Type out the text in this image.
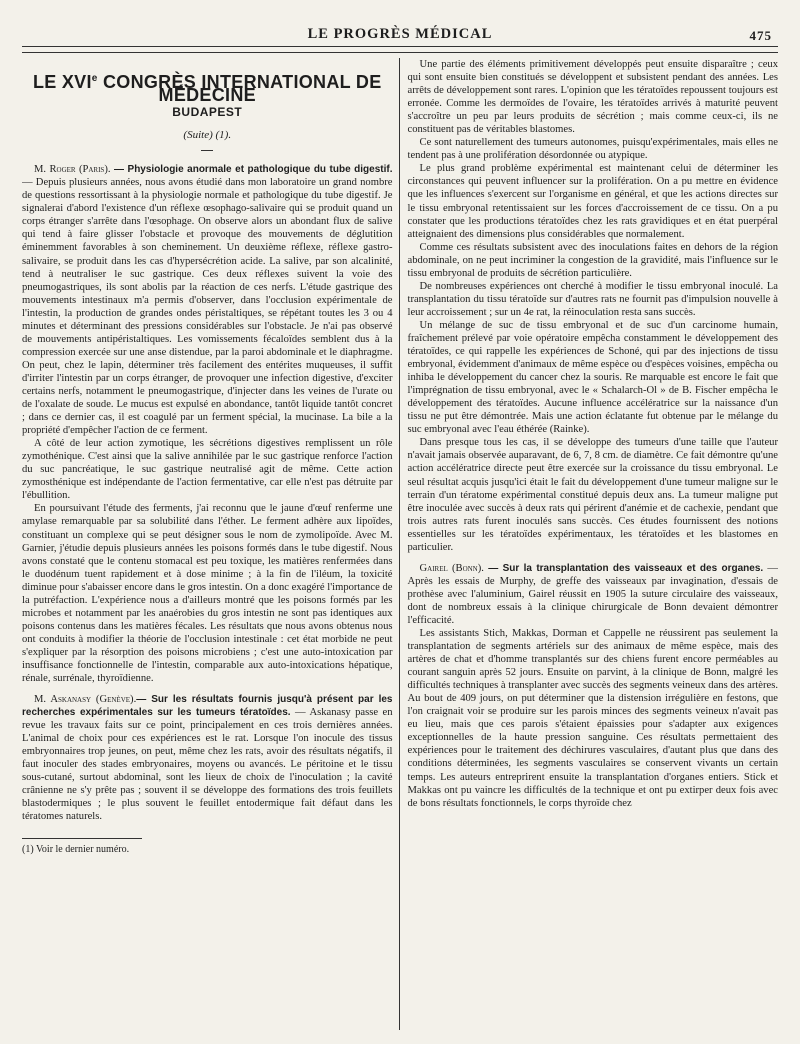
LE PROGRÈS MÉDICAL	475
LE XVIe CONGRÈS INTERNATIONAL DE MÉDECINE
BUDAPEST
(Suite) (1).

M. Roger (Paris). — Physiologie anormale et pathologique du tube digestif. — Depuis plusieurs années, nous avons étudié dans mon laboratoire un grand nombre de questions ressortissant à la physiologie normale et pathologique du tube digestif. Je signalerai d'abord l'existence d'un réflexe œsophago-salivaire qui se produit quand un corps étranger s'arrête dans l'œsophage. On observe alors un abondant flux de salive qui tend à faire glisser l'obstacle et provoque des mouvements de déglutition éminemment favorables à son cheminement. Un deuxième réflexe, réflexe gastro-salivaire, se produit dans les cas d'hypersécrétion acide. La salive, par son alcalinité, tend à neutraliser le suc gastrique. Ces deux réflexes suivent la voie des pneumogastriques, ils sont abolis par la réaction de ces nerfs. L'étude gastrique des mouvements intestinaux m'a permis d'observer, dans l'occlusion expérimentale de l'intestin, la production de grandes ondes péristaltiques, se répétant toutes les 3 ou 4 minutes et déterminant des pressions considérables sur l'obstacle. Je n'ai pas observé de mouvements antipéristaltiques. Les vomissements fécaloïdes semblent dus à la compression exercée sur une anse distendue, par la paroi abdominale et le diaphragme. On peut, chez le lapin, déterminer très facilement des entérites muqueuses, il suffit d'irriter l'intestin par un corps étranger, de provoquer une infection digestive, d'exciter certains nerfs, notamment le pneumogastrique, d'injecter dans les veines de l'urate ou de l'oxalate de soude. Le mucus est expulsé en abondance, tantôt liquide tantôt concret ; dans ce dernier cas, il est coagulé par un ferment spécial, la mucinase. La bile a la propriété d'empêcher l'action de ce ferment.

A côté de leur action zymotique, les sécrétions digestives remplissent un rôle zymothénique. C'est ainsi que la salive annihilée par le suc gastrique renforce l'action du suc pancréatique, le suc gastrique neutralisé agit de même. Cette action zymosthénique est indépendante de l'action fermentative, car elle n'est pas détruite par l'ébullition.

En poursuivant l'étude des ferments, j'ai reconnu que le jaune d'œuf renferme une amylase remarquable par sa solubilité dans l'éther. Le ferment adhère aux lipoïdes, constituant un complexe qui se peut désigner sous le nom de zymolipoïde. Avec M. Garnier, j'étudie depuis plusieurs années les poisons formés dans le tube digestif. Nous avons constaté que le contenu stomacal est peu toxique, les matières renfermées dans le duodénum tuent rapidement et à dose minime ; à la fin de l'iléum, la toxicité diminue pour s'abaisser encore dans le gros intestin. On a donc exagéré l'importance de la putréfaction. L'expérience nous a d'ailleurs montré que les poisons formés par les microbes et notamment par les anaérobies du gros intestin ne sont pas identiques aux poisons contenus dans les matières fécales. Les résultats que nous avons obtenus nous ont conduits à modifier la théorie de l'occlusion intestinale : cet état morbide ne peut s'expliquer par la résorption des poisons microbiens ; c'est une auto-intoxication par insuffisance fonctionnelle de l'intestin, comparable aux auto-intoxications hépatique, rénale, surrénale, thyroïdienne.

M. Askanasy (Genève).— Sur les résultats fournis jusqu'à présent par les recherches expérimentales sur les tumeurs tératoïdes. — Askanasy passe en revue les travaux faits sur ce point, principalement en ces trois dernières années. L'animal de choix pour ces expériences est le rat. Lorsque l'on inocule des tissus embryonnaires trop jeunes, on peut, même chez les rats, avoir des résultats négatifs, il faut inoculer des stades embryonaires, moyens ou avancés. Le péritoine et le tissu sous-cutané, surtout abdominal, sont les lieux de choix de l'inoculation ; la cavité crânienne ne s'y prête pas ; souvent il se développe des formations des trois feuillets blastodermiques ; le plus souvent le feuillet entodermique fait défaut dans les tératomes naturels.

(1) Voir le dernier numéro.

Une partie des éléments primitivement développés peut ensuite disparaître ; ceux qui sont ensuite bien constitués se développent et subsistent pendant des années. Les arrêts de développement sont rares. L'opinion que les tératoïdes repoussent toujours est erronée. Comme les dermoïdes de l'ovaire, les tératoïdes arrivés à maturité peuvent s'accroître un peu par leurs produits de sécrétion ; mais comme ceux-ci, ils ne constituent pas de véritables blastomes.

Ce sont naturellement des tumeurs autonomes, puisqu'expérimentales, mais elles ne tendent pas à une prolifération désordonnée ou atypique.

Le plus grand problème expérimental est maintenant celui de déterminer les circonstances qui peuvent influencer sur la prolifération. On a pu mettre en évidence que les influences s'exercent sur l'organisme en général, et que les actions directes sur le tissu embryonal retentissaient sur les forces d'accroissement de ce tissu. On a pu constater que les productions tératoïdes chez les rats gravidiques et en état puerpéral atteignaient des dimensions plus considérables que normalement.

Comme ces résultats subsistent avec des inoculations faites en dehors de la région abdominale, on ne peut incriminer la congestion de la gravidité, mais l'influence sur le tissu embryonal de produits de sécrétion particulière.

De nombreuses expériences ont cherché à modifier le tissu embryonal inoculé. La transplantation du tissu tératoïde sur d'autres rats ne fournit pas d'impulsion nouvelle à leur accroissement ; sur un 4e rat, la réinoculation resta sans succès.

Un mélange de suc de tissu embryonal et de suc d'un carcinome humain, fraîchement prélevé par voie opératoire empêcha constamment le développement des tératoïdes, ce qui rappelle les expériences de Schoné, qui par des injections de tissu embryonal, évidemment d'animaux de même espèce ou d'espèces voisines, empêcha ou inhiba le développement du cancer chez la souris. Re marquable est encore le fait que l'imprégnation de tissu embryonal, avec le « Schalarch-Ol » de B. Fischer empêcha le développement des tératoïdes. Aucune influence accélératrice sur la naissance d'un tissu ne put être démontrée. Mais une action éclatante fut obtenue par le mélange du suc embryonal avec l'eau éthérée (Rainke).

Dans presque tous les cas, il se développe des tumeurs d'une taille que l'auteur n'avait jamais observée auparavant, de 6, 7, 8 cm. de diamètre. Ce fait démontre qu'une action accélératrice directe peut être exercée sur la croissance du tissu embryonal. Le seul résultat acquis jusqu'ici était le fait du développement d'une tumeur maligne sur le terrain d'un tératome expérimental constitué depuis deux ans. La tumeur maligne put être inoculée avec succès à deux rats qui périrent d'anémie et de cachexie, pendant que trois autres rats furent inoculés sans succès. Ces études fournissent des notions essentielles sur les tératoïdes expérimentaux, les tératoïdes et les blastomes en particulier.

Gairel (Bonn). — Sur la transplantation des vaisseaux et des organes. — Après les essais de Murphy, de greffe des vaisseaux par invagination, d'essais de prothèse avec l'aluminium, Gairel réussit en 1905 la suture circulaire des vaisseaux, dont de nombreux essais à la clinique chirurgicale de Bonn devaient démontrer l'efficacité.

Les assistants Stich, Makkas, Dorman et Cappelle ne réussirent pas seulement la transplantation de segments artériels sur des animaux de même espèce, mais des artères de chat et d'homme transplantés sur des chiens furent encore perméables au courant sanguin après 52 jours. Ensuite on parvint, à la clinique de Bonn, malgré les difficultés techniques à transplanter avec succès des segments veineux dans des artères. Au bout de 409 jours, on put déterminer que la distension irrégulière en festons, que l'on craignait voir se produire sur les parois minces des segments veineux n'avait pas eu lieu, mais que ces parois s'étaient épaissies pour s'adapter aux exigences exceptionnelles de la haute pression sanguine. Ces résultats permettaient des expériences pour le traitement des déchirures vasculaires, d'autant plus que dans des conditions déterminées, les segments vasculaires se conservent vivants un certain temps. Les auteurs entreprirent ensuite la transplantation d'organes entiers. Stick et Makkas ont pu vaincre les difficultés de la technique et ont pu extirper deux fois avec de bons résultats fonctionnels, le corps thyroïde chez
